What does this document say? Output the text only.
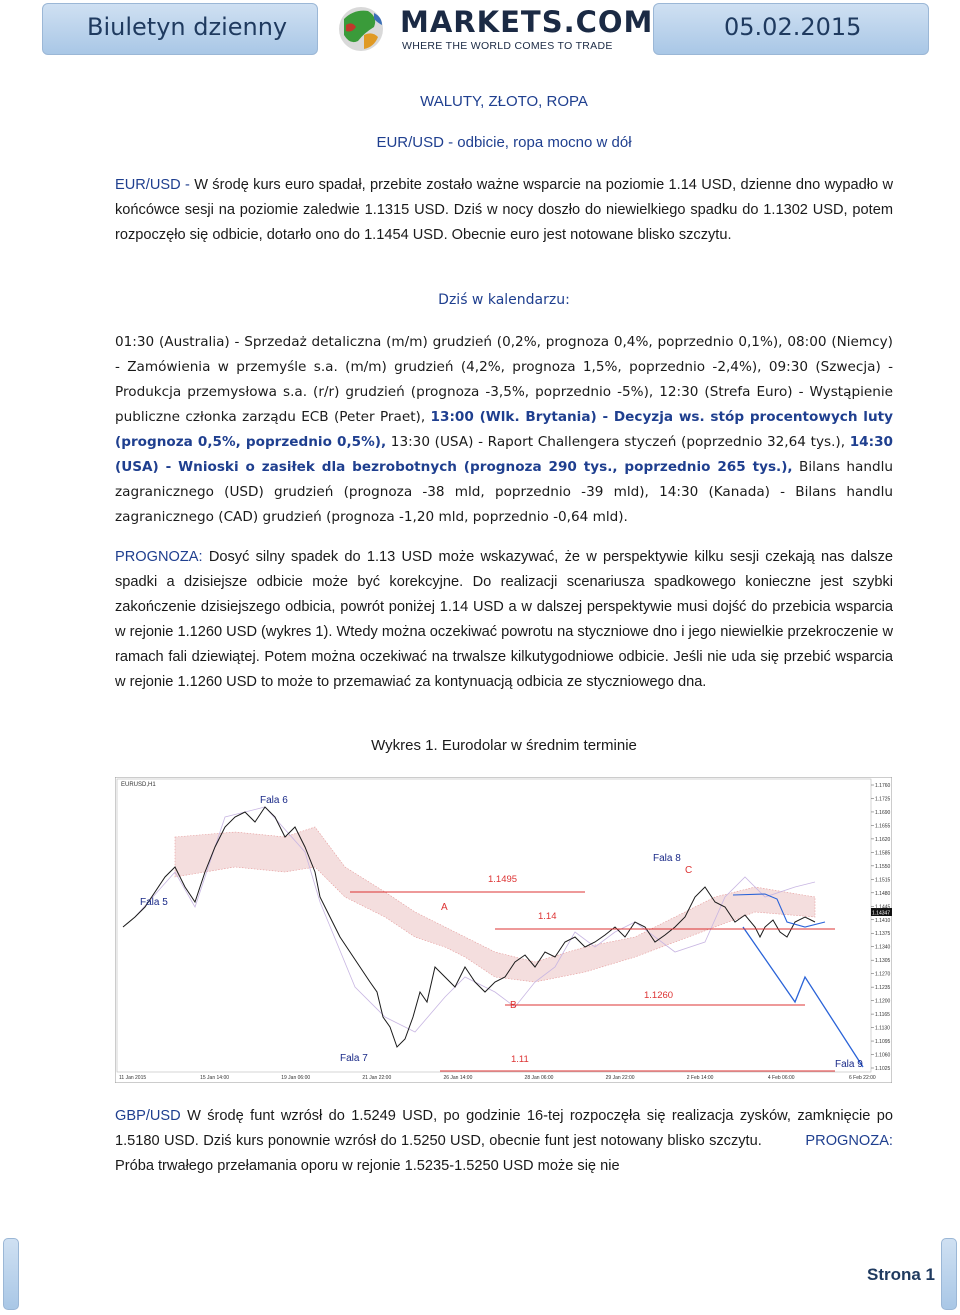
Biuletyn dzienny	MARKETS.COM
WHERE THE WORLD COMES TO TRADE
05.02.2015
WALUTY, ZŁOTO, ROPA
EUR/USD - odbicie, ropa mocno w dół

EUR/USD - W środę kurs euro spadał, przebite zostało ważne wsparcie na poziomie 1.14 USD, dzienne dno wypadło w końcówce sesji na poziomie zaledwie 1.1315 USD. Dziś w nocy doszło do niewielkiego spadku do 1.1302 USD, potem rozpoczęło się odbicie, dotarło ono do 1.1454 USD. Obecnie euro jest notowane blisko szczytu.

Dziś w kalendarzu:

01:30 (Australia) - Sprzedaż detaliczna (m/m) grudzień (0,2%, prognoza 0,4%, poprzednio 0,1%), 08:00 (Niemcy) - Zamówienia w przemyśle s.a. (m/m) grudzień (4,2%, prognoza 1,5%, poprzednio -2,4%), 09:30 (Szwecja) - Produkcja przemysłowa s.a. (r/r) grudzień (prognoza -3,5%, poprzednio -5%), 12:30 (Strefa Euro) - Wystąpienie publiczne członka zarządu ECB (Peter Praet), 13:00 (Wlk. Brytania) - Decyzja ws. stóp procentowych luty (prognoza 0,5%, poprzednio 0,5%), 13:30 (USA) - Raport Challengera styczeń (poprzednio 32,64 tys.), 14:30 (USA) - Wnioski o zasiłek dla bezrobotnych (prognoza 290 tys., poprzednio 265 tys.), Bilans handlu zagranicznego (USD) grudzień (prognoza -38 mld, poprzednio -39 mld), 14:30 (Kanada) - Bilans handlu zagranicznego (CAD) grudzień (prognoza -1,20 mld, poprzednio -0,64 mld).

PROGNOZA: Dosyć silny spadek do 1.13 USD może wskazywać, że w perspektywie kilku sesji czekają nas dalsze spadki a dzisiejsze odbicie może być korekcyjne. Do realizacji scenariusza spadkowego konieczne jest szybki zakończenie dzisiejszego odbicia, powrót poniżej 1.14 USD a w dalszej perspektywie musi dojść do przebicia wsparcia w rejonie 1.1260 USD (wykres 1). Wtedy można oczekiwać powrotu na styczniowe dno i jego niewielkie przekroczenie w ramach fali dziewiątej. Potem można oczekiwać na trwalsze kilkutygodniowe odbicie. Jeśli nie uda się przebić wsparcia w rejonie 1.1260 USD to może to przemawiać za kontynuacją odbicia ze styczniowego dna.

Wykres 1. Eurodolar w średnim terminie
EURUSD,H1
Fala 6
Fala 5
Fala 7
Fala 8
Fala 9
A
B
C
1.1495
1.14
1.1260
1.11
1.14347
1.1760
1.1725
1.1690
1.1655
1.1620
1.1585
1.1550
1.1515
1.1480
1.1445
1.1410
1.1375
1.1340
1.1305
1.1270
1.1235
1.1200
1.1165
1.1130
1.1095
1.1060
1.1025
11 Jan 2015	15 Jan 14:00	19 Jan 06:00	21 Jan 22:00	26 Jan 14:00	28 Jan 06:00	29 Jan 22:00	2 Feb 14:00	4 Feb 06:00	6 Feb 22:00

GBP/USD W środę funt wzrósł do 1.5249 USD, po godzinie 16-tej rozpoczęła się realizacja zysków, zamknięcie po 1.5180 USD. Dziś kurs ponownie wzrósł do 1.5250 USD, obecnie funt jest notowany blisko szczytu.	PROGNOZA: Próba trwałego przełamania oporu w rejonie 1.5235-1.5250 USD może się nie

Strona 1
